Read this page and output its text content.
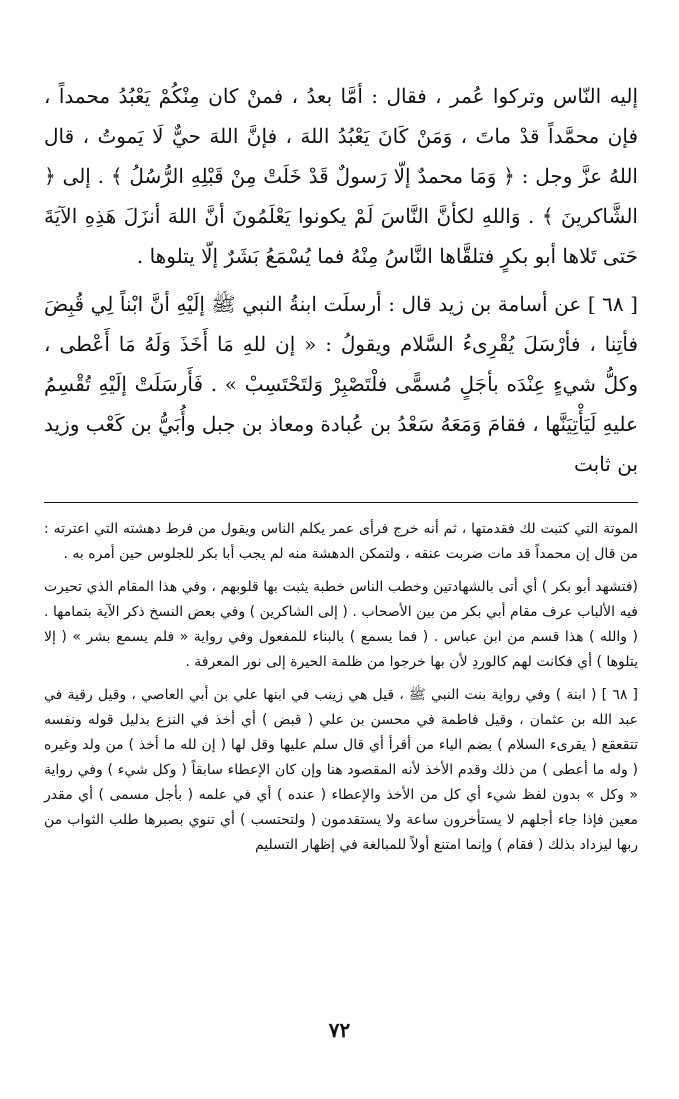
إليه النّاس وتركوا عُمر ، فقال : أمَّا بعدُ ، فمنْ كان مِنْكُمْ يَعْبُدُ محمداً ، فإن محمَّداً قدْ ماتَ ، وَمَنْ كَانَ يَعْبُدُ اللهَ ، فإنَّ اللهَ حيٌّ لَا يَموتُ ، قال اللهُ عزَّ وجل : ﴿ وَمَا محمدٌ إلّا رَسولٌ قَدْ خَلَتْ مِنْ قَبْلِهِ الرُّسُلُ ﴾ . إلى ﴿ الشَّاكرينَ ﴾ . وَاللهِ لكأنَّ النَّاسَ لَمْ يكونوا يَعْلَمُونَ أنَّ اللهَ أنزَلَ هَذِهِ الآيَةَ حَتى تَلاها أبو بكرٍ فتلقَّاها النَّاسُ مِنْهُ فما يُسْمَعُ بَشَرٌ إلّا يتلوها .

[ ٦٨ ] عن أسامة بن زيد قال : أرسلَت ابنةُ النبي ﷺ إلَيْهِ أنَّ ابْناً لِي قُبِضَ فأتِنا ، فأرْسَلَ يُقْرِىءُ السَّلام ويقولُ : « إن للهِ مَا أَخَذَ وَلَهُ مَا أَعْطى ، وكلُّ شيءٍ عِنْدَه بأجَلٍ مُسمًّى فلْتَصْبِرْ وَلتَحْتَسِبْ » . فَأَرسَلَتْ إلَيْهِ تُقْسِمُ عليهِ لَيَأْتِيَنَّها ، فقامَ وَمَعَهُ سَعْدُ بن عُبادة ومعاذ بن جبل وأُبَيُّ بن كَعْب وزيد بن ثابت

الموتة التي كتبت لك فقدمتها ، ثم أنه خرج فرأى عمر يكلم الناس ويقول من فرط دهشته التي اعترته : من قال إن محمداً قد مات ضربت عنقه ، ولتمكن الدهشة منه لم يجب أبا بكر للجلوس حين أمره به .

(فتشهد أبو بكر ) أي أتى بالشهادتين وخطب الناس خطبة يثبت بها قلوبهم ، وفي هذا المقام الذي تحيرت فيه الألباب عرف مقام أبي بكر من بين الأصحاب . ( إلى الشاكرين ) وفي بعض النسخ ذكر الآية بتمامها . ( والله ) هذا قسم من ابن عباس . ( فما يسمع ) بالبناء للمفعول وفي رواية « فلم يسمع بشر » ( إلا يتلوها ) أي فكانت لهم كالوردِ لأن بها خرجوا من ظلمة الحيرة إلى نور المعرفة .

[ ٦٨ ] ( ابنة ) وفي رواية بنت النبي ﷺ ، قيل هي زينب في ابنها علي بن أبي العاصي ، وقيل رقية في عبد الله بن عثمان ، وقيل فاطمة في محسن بن علي ( قبض ) أي أخذ في النزع بدليل قوله ونفسه تتقعقع ( يقرىء السلام ) بضم الياء من أقرأ أي قال سلم عليها وقل لها ( إن لله ما أخذ ) من ولد وغيره ( وله ما أعطى ) من ذلك وقدم الأخذ لأنه المقصود هنا وإن كان الإعطاء سابقاً ( وكل شيء ) وفي رواية « وكل » بدون لفظ شيء أي كل من الأخذ والإعطاء ( عنده ) أي في علمه ( بأجل مسمى ) أي مقدر معين فإذا جاء أجلهم لا يستأخرون ساعة ولا يستقدمون ( ولتحتسب ) أي تنوي بصبرها طلب الثواب من ربها ليزداد بذلك ( فقام ) وإنما امتنع أولاً للمبالغة في إظهار التسليم

٧٢
